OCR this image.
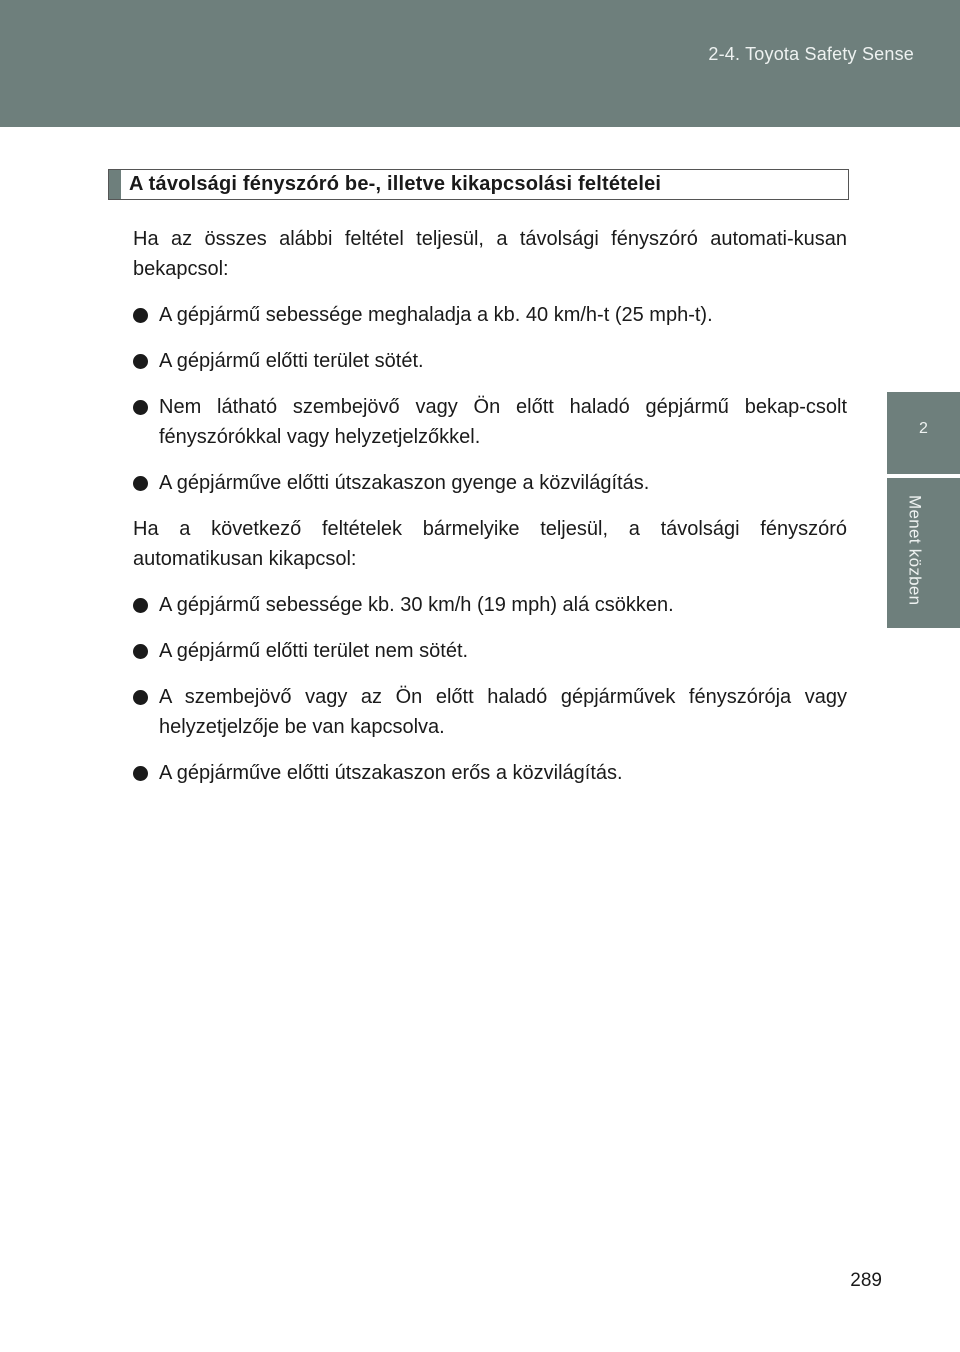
2-4. Toyota Safety Sense
2
Menet közben
A távolsági fényszóró be-, illetve kikapcsolási feltételei

Ha az összes alábbi feltétel teljesül, a távolsági fényszóró automati-kusan bekapcsol:

A gépjármű sebessége meghaladja a kb. 40 km/h-t (25 mph-t).
A gépjármű előtti terület sötét.
Nem látható szembejövő vagy Ön előtt haladó gépjármű bekap-csolt fényszórókkal vagy helyzetjelzőkkel.
A gépjárműve előtti útszakaszon gyenge a közvilágítás.

Ha a következő feltételek bármelyike teljesül, a távolsági fényszóró automatikusan kikapcsol:

A gépjármű sebessége kb. 30 km/h (19 mph) alá csökken.
A gépjármű előtti terület nem sötét.
A szembejövő vagy az Ön előtt haladó gépjárművek fényszórója vagy helyzetjelzője be van kapcsolva.
A gépjárműve előtti útszakaszon erős a közvilágítás.
289
